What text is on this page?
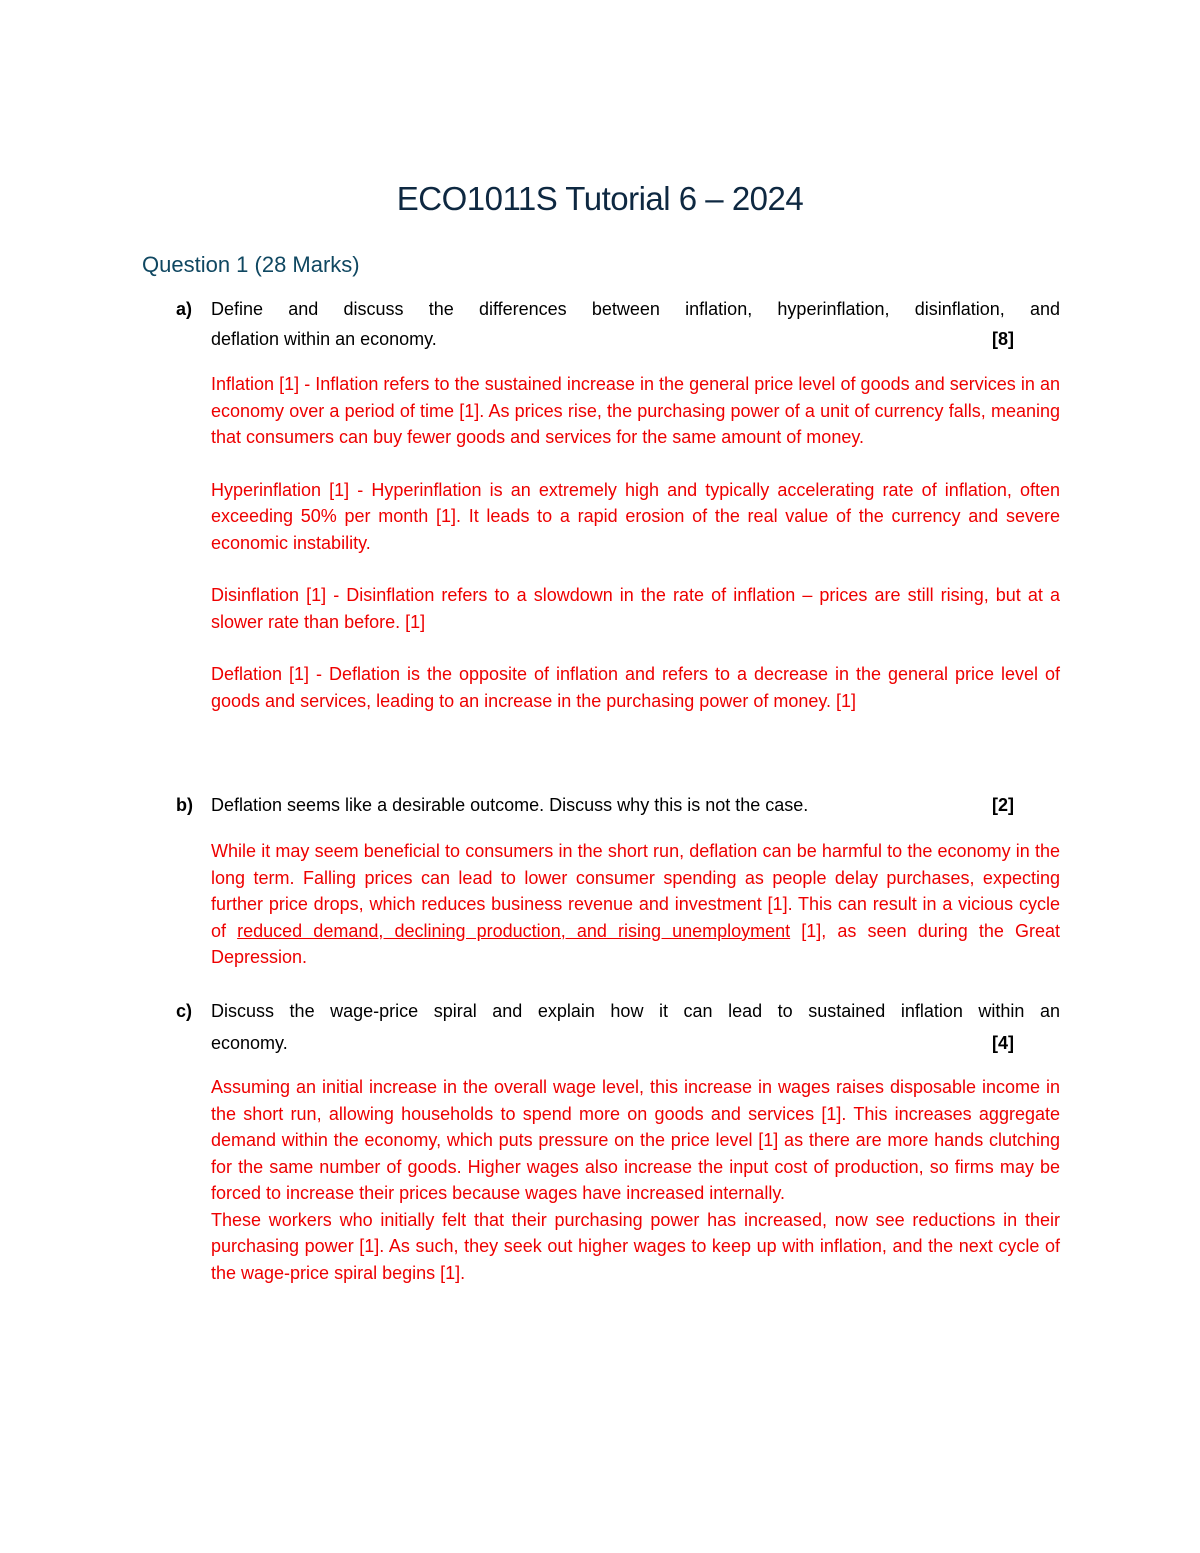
ECO1011S Tutorial 6 – 2024
Question 1 (28 Marks)
a) Define and discuss the differences between inflation, hyperinflation, disinflation, and
deflation within an economy.	[8]

Inflation [1] - Inflation refers to the sustained increase in the general price level of goods and services in an economy over a period of time [1]. As prices rise, the purchasing power of a unit of currency falls, meaning that consumers can buy fewer goods and services for the same amount of money.

Hyperinflation [1] - Hyperinflation is an extremely high and typically accelerating rate of inflation, often exceeding 50% per month [1]. It leads to a rapid erosion of the real value of the currency and severe economic instability.

Disinflation [1] - Disinflation refers to a slowdown in the rate of inflation – prices are still rising, but at a slower rate than before. [1]

Deflation [1] - Deflation is the opposite of inflation and refers to a decrease in the general price level of goods and services, leading to an increase in the purchasing power of money. [1]

b) Deflation seems like a desirable outcome. Discuss why this is not the case.	[2]

While it may seem beneficial to consumers in the short run, deflation can be harmful to the economy in the long term. Falling prices can lead to lower consumer spending as people delay purchases, expecting further price drops, which reduces business revenue and investment [1]. This can result in a vicious cycle of reduced demand, declining production, and rising unemployment [1], as seen during the Great Depression.

c) Discuss the wage-price spiral and explain how it can lead to sustained inflation within an
economy.	[4]

Assuming an initial increase in the overall wage level, this increase in wages raises disposable income in the short run, allowing households to spend more on goods and services [1]. This increases aggregate demand within the economy, which puts pressure on the price level [1] as there are more hands clutching for the same number of goods. Higher wages also increase the input cost of production, so firms may be forced to increase their prices because wages have increased internally.

These workers who initially felt that their purchasing power has increased, now see reductions in their purchasing power [1]. As such, they seek out higher wages to keep up with inflation, and the next cycle of the wage-price spiral begins [1].
